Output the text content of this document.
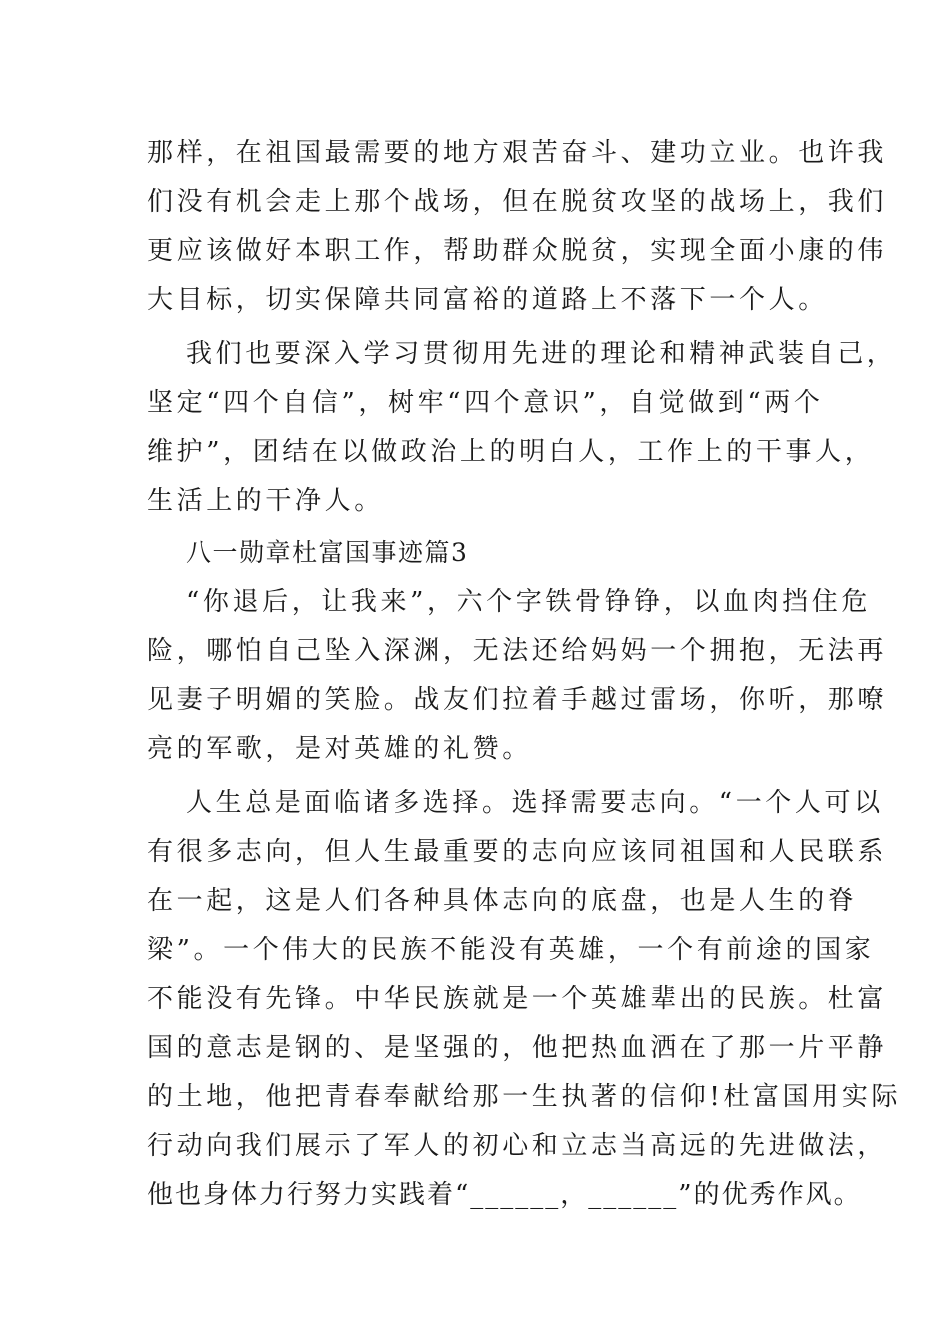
那样，在祖国最需要的地方艰苦奋斗、建功立业。也许我
们没有机会走上那个战场，但在脱贫攻坚的战场上，我们
更应该做好本职工作，帮助群众脱贫，实现全面小康的伟
大目标，切实保障共同富裕的道路上不落下一个人。
我们也要深入学习贯彻用先进的理论和精神武装自己，
坚定“四个自信”，树牢“四个意识”，自觉做到“两个
维护”，团结在以做政治上的明白人，工作上的干事人，
生活上的干净人。
八一勋章杜富国事迹篇3
“你退后，让我来”，六个字铁骨铮铮，以血肉挡住危
险，哪怕自己坠入深渊，无法还给妈妈一个拥抱，无法再
见妻子明媚的笑脸。战友们拉着手越过雷场，你听，那嘹
亮的军歌，是对英雄的礼赞。
人生总是面临诸多选择。选择需要志向。“一个人可以
有很多志向，但人生最重要的志向应该同祖国和人民联系
在一起，这是人们各种具体志向的底盘，也是人生的脊
梁”。一个伟大的民族不能没有英雄，一个有前途的国家
不能没有先锋。中华民族就是一个英雄辈出的民族。杜富
国的意志是钢的、是坚强的，他把热血洒在了那一片平静
的土地，他把青春奉献给那一生执著的信仰!杜富国用实际
行动向我们展示了军人的初心和立志当高远的先进做法，
他也身体力行努力实践着“______，______”的优秀作风。
